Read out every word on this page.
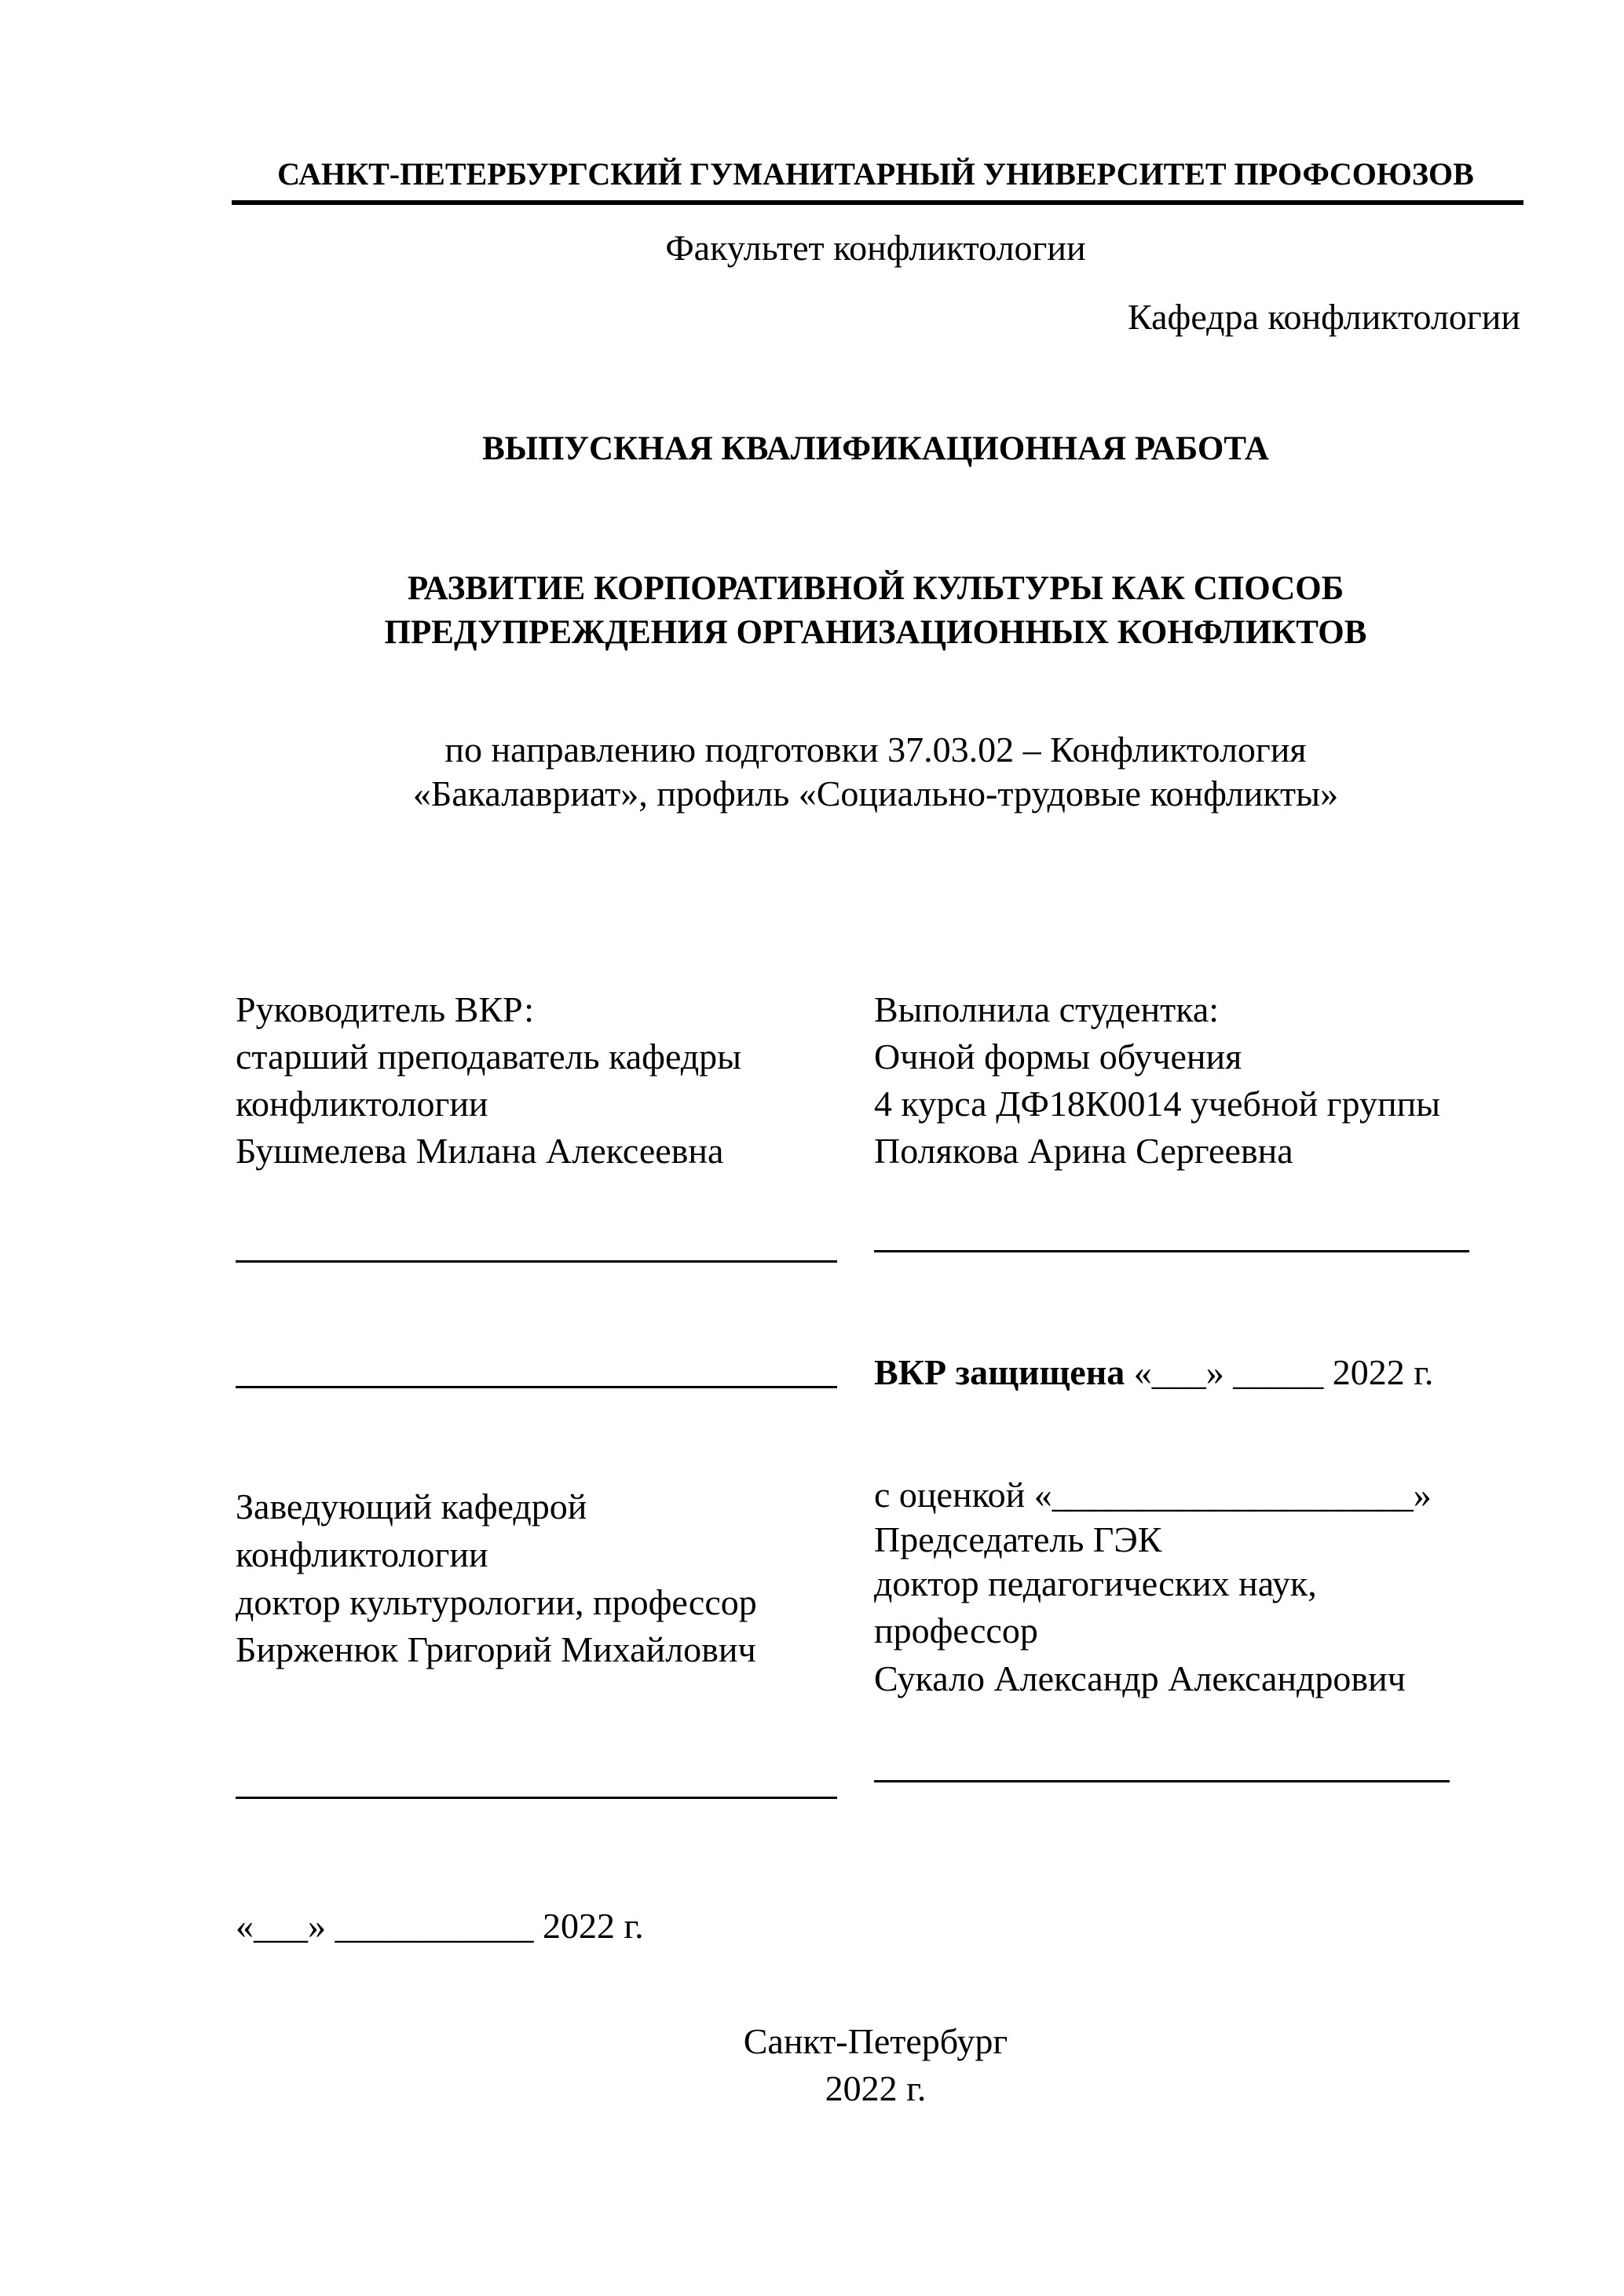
САНКТ-ПЕТЕРБУРГСКИЙ ГУМАНИТАРНЫЙ УНИВЕРСИТЕТ ПРОФСОЮЗОВ
Факультет конфликтологии
Кафедра конфликтологии
ВЫПУСКНАЯ КВАЛИФИКАЦИОННАЯ РАБОТА
РАЗВИТИЕ КОРПОРАТИВНОЙ КУЛЬТУРЫ КАК СПОСОБ
ПРЕДУПРЕЖДЕНИЯ ОРГАНИЗАЦИОННЫХ КОНФЛИКТОВ
по направлению подготовки 37.03.02 – Конфликтология
«Бакалавриат», профиль «Социально-трудовые конфликты»
Руководитель ВКР:
старший преподаватель кафедры
конфликтологии
Бушмелева Милана Алексеевна
Заведующий кафедрой
конфликтологии
доктор культурологии, профессор
Бирженюк Григорий Михайлович
«___» ___________ 2022 г.
Выполнила студентка:
Очной формы обучения
4 курса ДФ18К0014 учебной группы
Полякова Арина Сергеевна
ВКР защищена «___» _____ 2022 г.
с оценкой «____________________»
Председатель ГЭК
доктор педагогических наук,
профессор
Сукало Александр Александрович
Санкт-Петербург
2022 г.
